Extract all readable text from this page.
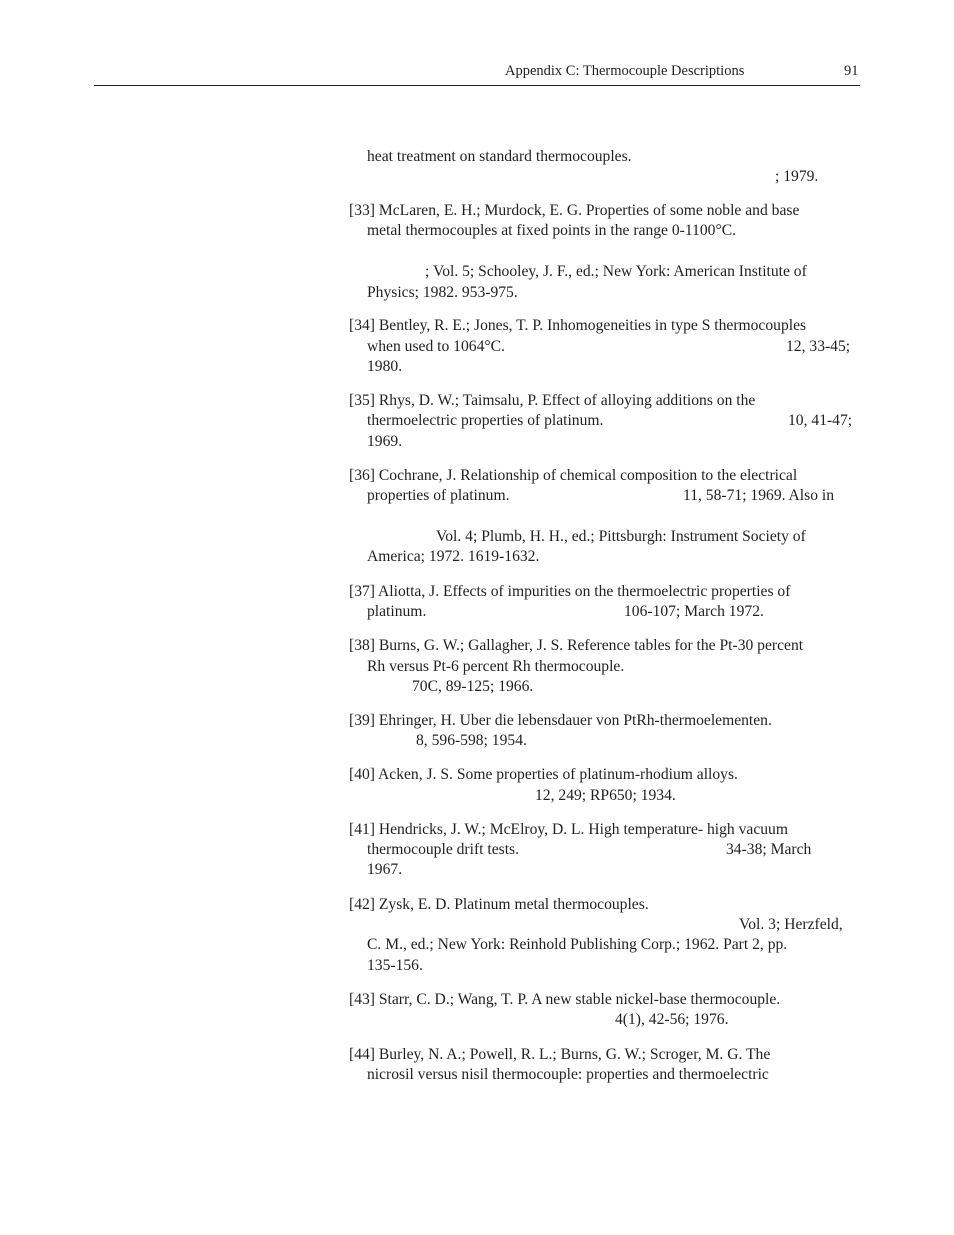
Appendix C: Thermocouple Descriptions	91
heat treatment on standard thermocouples.
; 1979.
[33] McLaren, E. H.; Murdock, E. G. Properties of some noble and base
metal thermocouples at fixed points in the range 0-1100°C.
; Vol. 5; Schooley, J. F., ed.; New York: American Institute of
Physics; 1982. 953-975.
[34] Bentley, R. E.; Jones, T. P. Inhomogeneities in type S thermocouples
when used to 1064°C.	12, 33-45;
1980.
[35] Rhys, D. W.; Taimsalu, P. Effect of alloying additions on the
thermoelectric properties of platinum.	10, 41-47;
1969.
[36] Cochrane, J. Relationship of chemical composition to the electrical
properties of platinum.	11, 58-71; 1969. Also in
Vol. 4; Plumb, H. H., ed.; Pittsburgh: Instrument Society of
America; 1972. 1619-1632.
[37] Aliotta, J. Effects of impurities on the thermoelectric properties of
platinum.	106-107; March 1972.
[38] Burns, G. W.; Gallagher, J. S. Reference tables for the Pt-30 percent
Rh versus Pt-6 percent Rh thermocouple.
70C, 89-125; 1966.
[39] Ehringer, H. Uber die lebensdauer von PtRh-thermoelementen.
8, 596-598; 1954.
[40] Acken, J. S. Some properties of platinum-rhodium alloys.
12, 249; RP650; 1934.
[41] Hendricks, J. W.; McElroy, D. L. High temperature- high vacuum
thermocouple drift tests.	34-38; March
1967.
[42] Zysk, E. D. Platinum metal thermocouples.
Vol. 3; Herzfeld,
C. M., ed.; New York: Reinhold Publishing Corp.; 1962. Part 2, pp.
135-156.
[43] Starr, C. D.; Wang, T. P. A new stable nickel-base thermocouple.
4(1), 42-56; 1976.
[44] Burley, N. A.; Powell, R. L.; Burns, G. W.; Scroger, M. G. The
nicrosil versus nisil thermocouple: properties and thermoelectric
